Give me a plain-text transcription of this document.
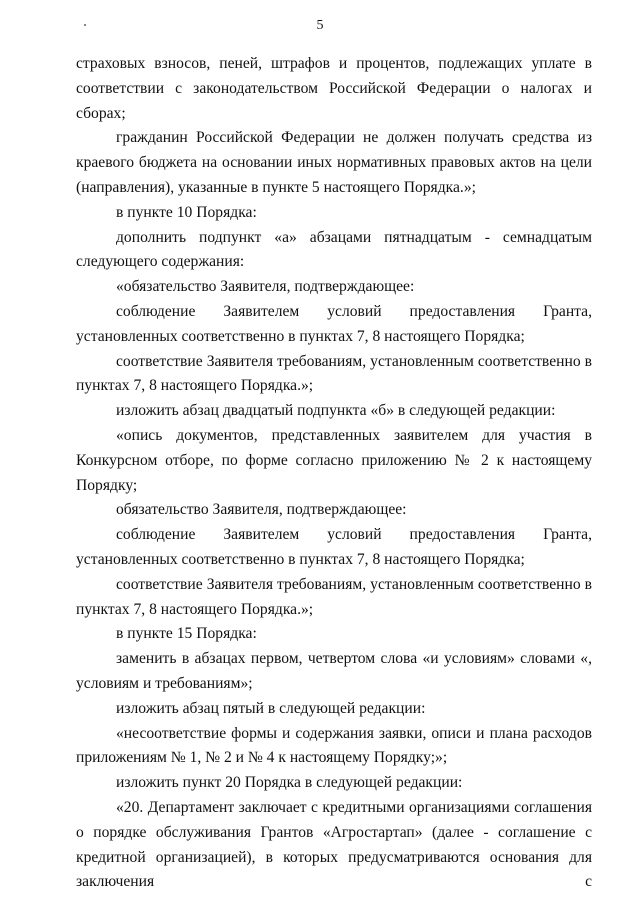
5

страховых взносов, пеней, штрафов и процентов, подлежащих уплате в соответствии с законодательством Российской Федерации о налогах и сборах;

гражданин Российской Федерации не должен получать средства из краевого бюджета на основании иных нормативных правовых актов на цели (направления), указанные в пункте 5 настоящего Порядка.»;

в пункте 10 Порядка:

дополнить подпункт «а» абзацами пятнадцатым - семнадцатым следующего содержания:

«обязательство Заявителя, подтверждающее:

соблюдение Заявителем условий предоставления Гранта, установленных соответственно в пунктах 7, 8 настоящего Порядка;

соответствие Заявителя требованиям, установленным соответственно в пунктах 7, 8 настоящего Порядка.»;

изложить абзац двадцатый подпункта «б» в следующей редакции:

«опись документов, представленных заявителем для участия в Конкурсном отборе, по форме согласно приложению № 2 к настоящему Порядку;

обязательство Заявителя, подтверждающее:

соблюдение Заявителем условий предоставления Гранта, установленных соответственно в пунктах 7, 8 настоящего Порядка;

соответствие Заявителя требованиям, установленным соответственно в пунктах 7, 8 настоящего Порядка.»;

в пункте 15 Порядка:

заменить в абзацах первом, четвертом слова «и условиям» словами «, условиям и требованиям»;

изложить абзац пятый в следующей редакции:

«несоответствие формы и содержания заявки, описи и плана расходов приложениям № 1, № 2 и № 4 к настоящему Порядку;»;

изложить пункт 20 Порядка в следующей редакции:

«20. Департамент заключает с кредитными организациями соглашения о порядке обслуживания Грантов «Агростартап» (далее - соглашение с кредитной организацией), в которых предусматриваются основания для заключения с
